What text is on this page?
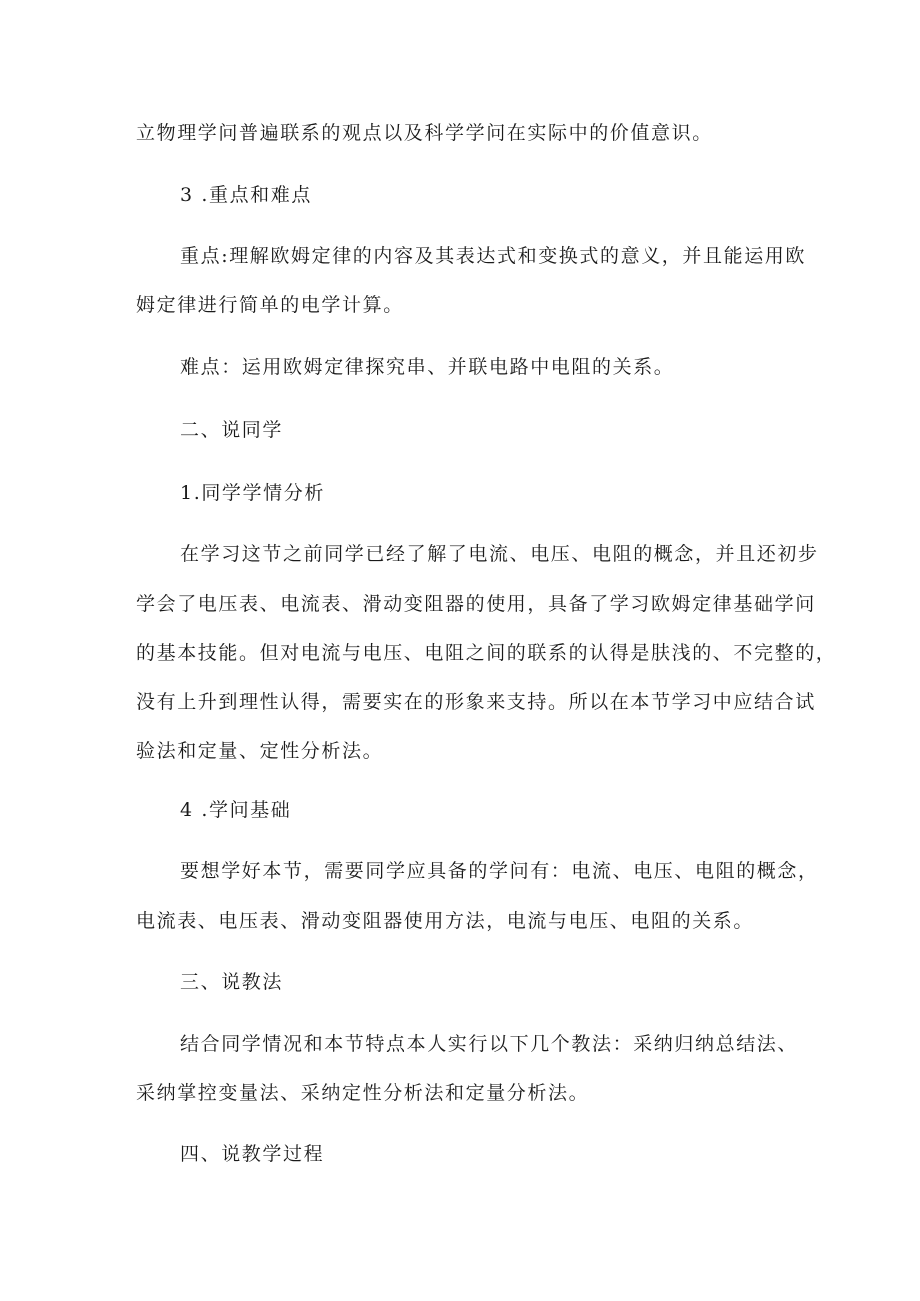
立物理学问普遍联系的观点以及科学学问在实际中的价值意识。
3 .重点和难点
重点:理解欧姆定律的内容及其表达式和变换式的意义，并且能运用欧
姆定律进行简单的电学计算。
难点：运用欧姆定律探究串、并联电路中电阻的关系。
二、说同学
1.同学学情分析
在学习这节之前同学已经了解了电流、电压、电阻的概念，并且还初步
学会了电压表、电流表、滑动变阻器的使用，具备了学习欧姆定律基础学问
的基本技能。但对电流与电压、电阻之间的联系的认得是肤浅的、不完整的，
没有上升到理性认得，需要实在的形象来支持。所以在本节学习中应结合试
验法和定量、定性分析法。
4 .学问基础
要想学好本节，需要同学应具备的学问有：电流、电压、电阻的概念，
电流表、电压表、滑动变阻器使用方法，电流与电压、电阻的关系。
三、说教法
结合同学情况和本节特点本人实行以下几个教法：采纳归纳总结法、
采纳掌控变量法、采纳定性分析法和定量分析法。
四、说教学过程
